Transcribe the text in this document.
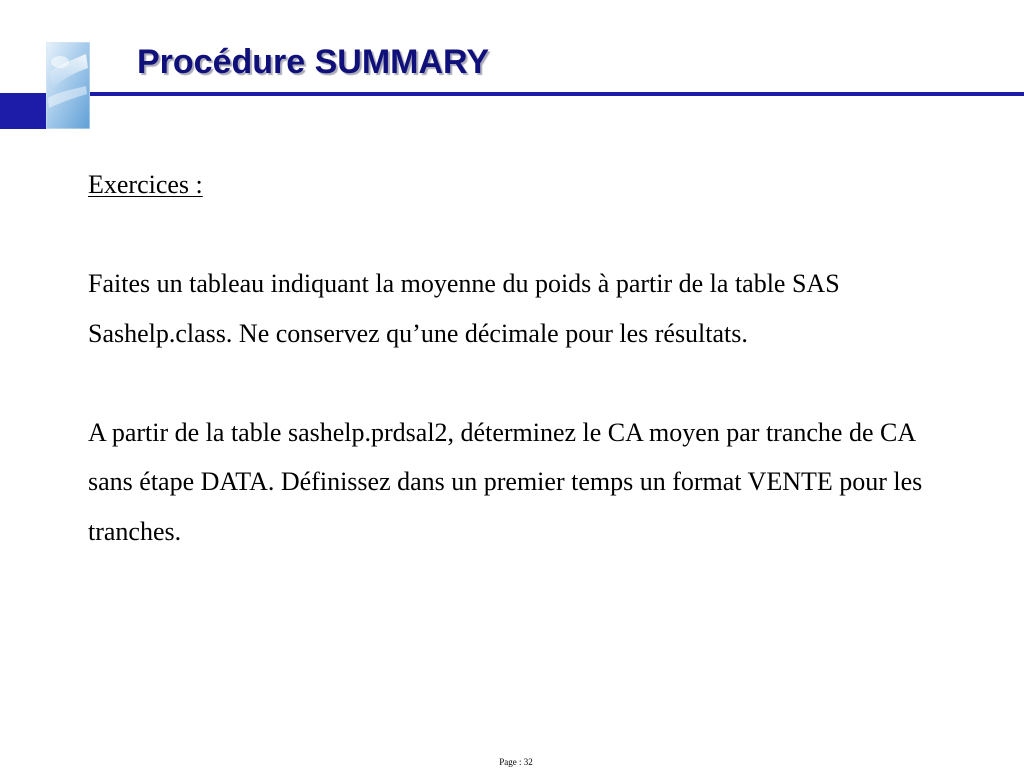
Procédure SUMMARY

Exercices :

Faites un tableau indiquant la moyenne du poids à partir de la table SAS Sashelp.class. Ne conservez qu’une décimale pour les résultats.

A partir de la table sashelp.prdsal2, déterminez le CA moyen par tranche de CA sans étape DATA. Définissez dans un premier temps un format VENTE pour les tranches.

Page : 32
